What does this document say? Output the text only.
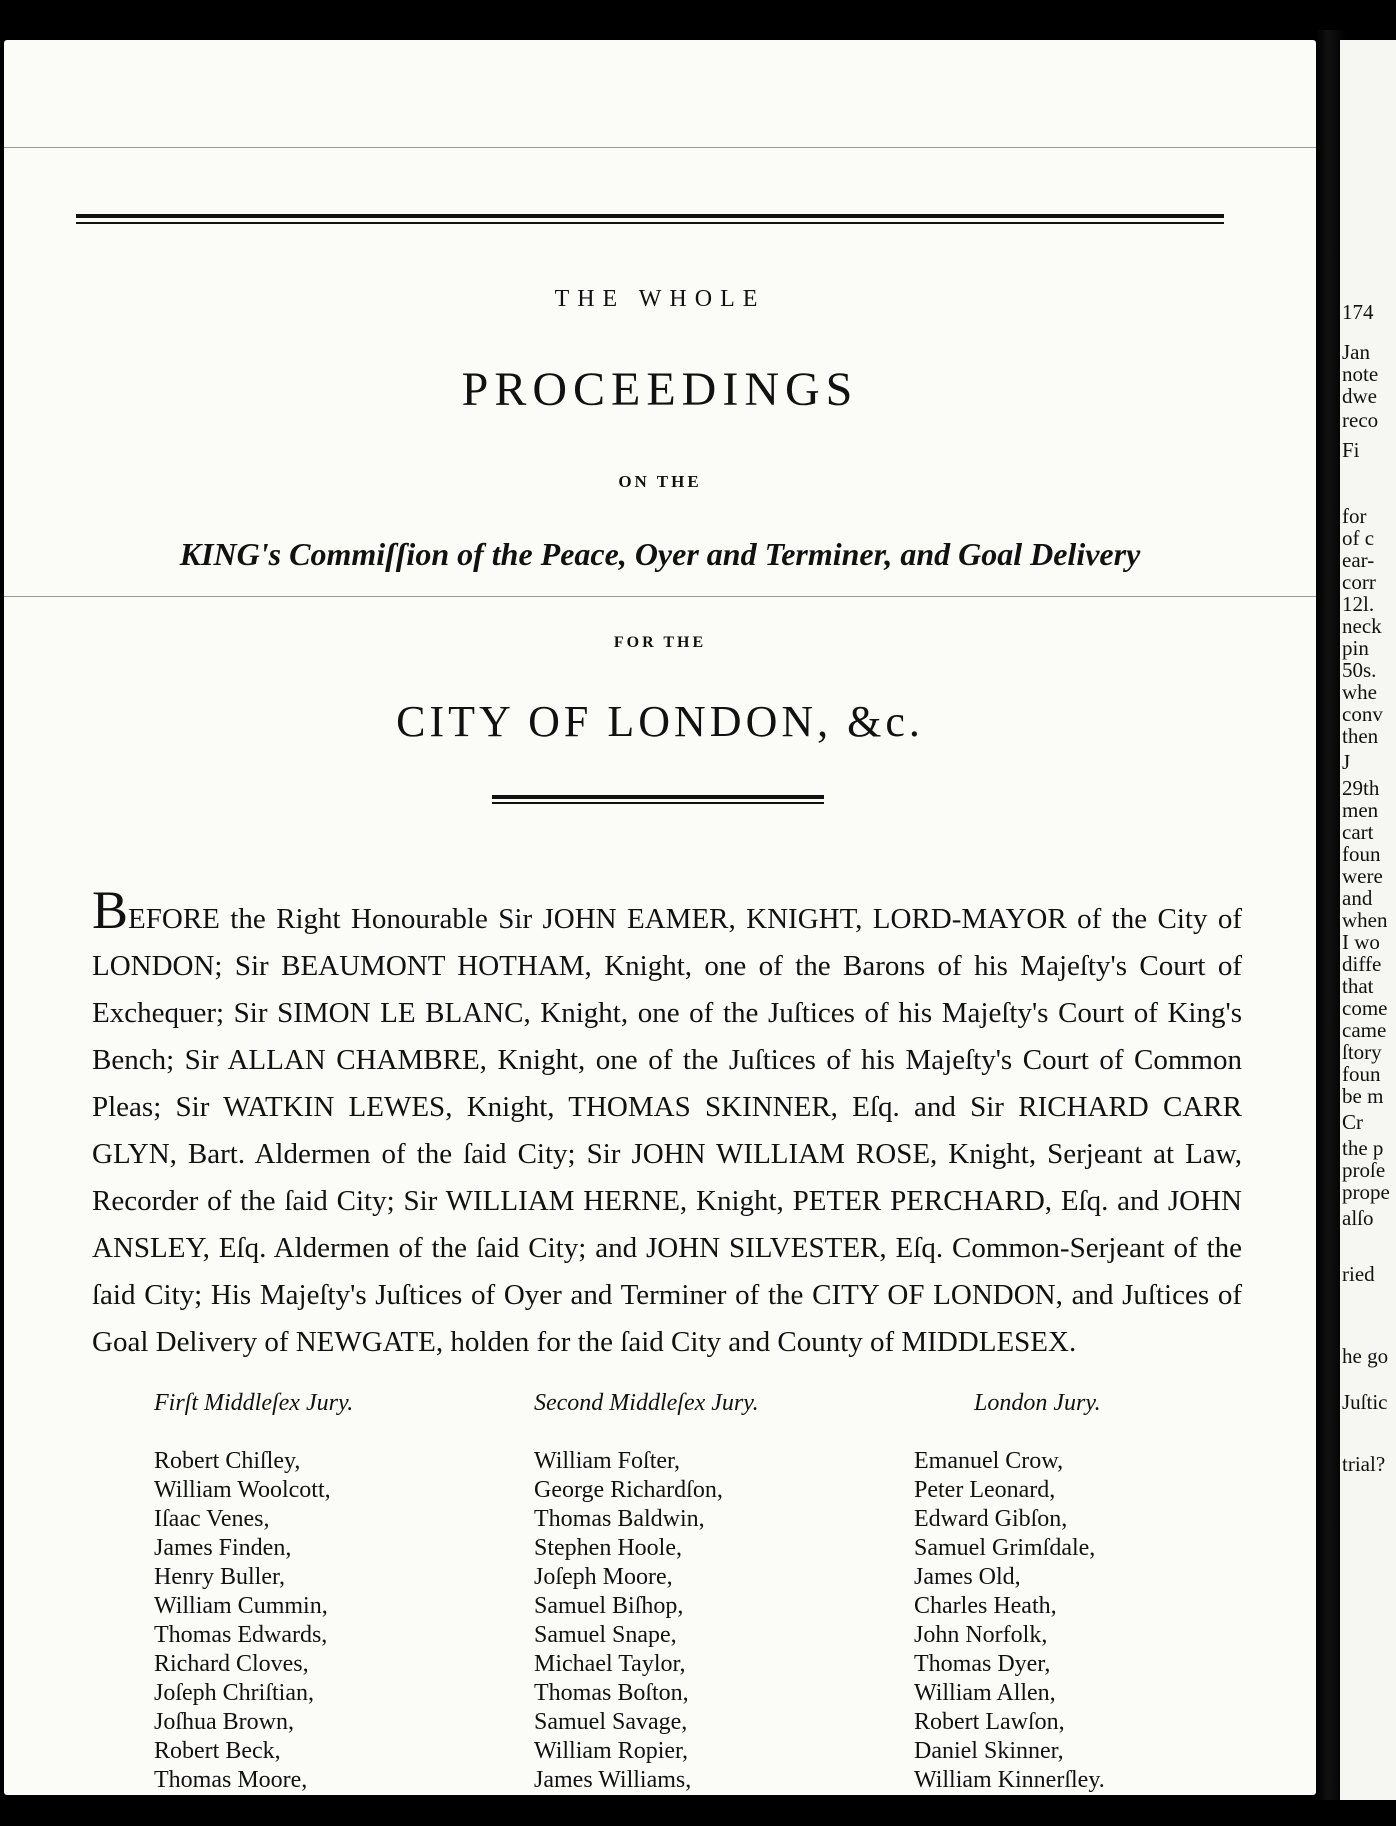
THE WHOLE
PROCEEDINGS
ON THE
KING's Commiſſion of the Peace, Oyer and Terminer, and Goal Delivery
FOR THE
CITY OF LONDON, &c.
BEFORE the Right Honourable Sir JOHN EAMER, KNIGHT, LORD-MAYOR of the City of LONDON; Sir BEAUMONT HOTHAM, Knight, one of the Barons of his Majeſty's Court of Exchequer; Sir SIMON LE BLANC, Knight, one of the Juſtices of his Majeſty's Court of King's Bench; Sir ALLAN CHAMBRE, Knight, one of the Juſtices of his Majeſty's Court of Common Pleas; Sir WATKIN LEWES, Knight, THOMAS SKINNER, Eſq. and Sir RICHARD CARR GLYN, Bart. Aldermen of the ſaid City; Sir JOHN WILLIAM ROSE, Knight, Serjeant at Law, Recorder of the ſaid City; Sir WILLIAM HERNE, Knight, PETER PERCHARD, Eſq. and JOHN ANSLEY, Eſq. Aldermen of the ſaid City; and JOHN SILVESTER, Eſq. Common-Serjeant of the ſaid City; His Majeſty's Juſtices of Oyer and Terminer of the CITY OF LONDON, and Juſtices of Goal Delivery of NEWGATE, holden for the ſaid City and County of MIDDLESEX.
Firſt Middleſex Jury.
Robert Chiſley,
William Woolcott,
Iſaac Venes,
James Finden,
Henry Buller,
William Cummin,
Thomas Edwards,
Richard Cloves,
Joſeph Chriſtian,
Joſhua Brown,
Robert Beck,
Thomas Moore,
Second Middleſex Jury.
William Foſter,
George Richardſon,
Thomas Baldwin,
Stephen Hoole,
Joſeph Moore,
Samuel Biſhop,
Samuel Snape,
Michael Taylor,
Thomas Boſton,
Samuel Savage,
William Ropier,
James Williams,
London Jury.
Emanuel Crow,
Peter Leonard,
Edward Gibſon,
Samuel Grimſdale,
James Old,
Charles Heath,
John Norfolk,
Thomas Dyer,
William Allen,
Robert Lawſon,
Daniel Skinner,
William Kinnerſley.
174
Jan
note
dwe
reco
Fi
for
of c
ear-
corr
12l.
neck
pin
50s.
whe
conv
then
J
29th
men
cart
foun
were
and
when
I wo
diffe
that
come
came
ſtory
foun
be m
Cr
the p
proſe
prope
alſo
ried
he go
Juſtic
trial?
